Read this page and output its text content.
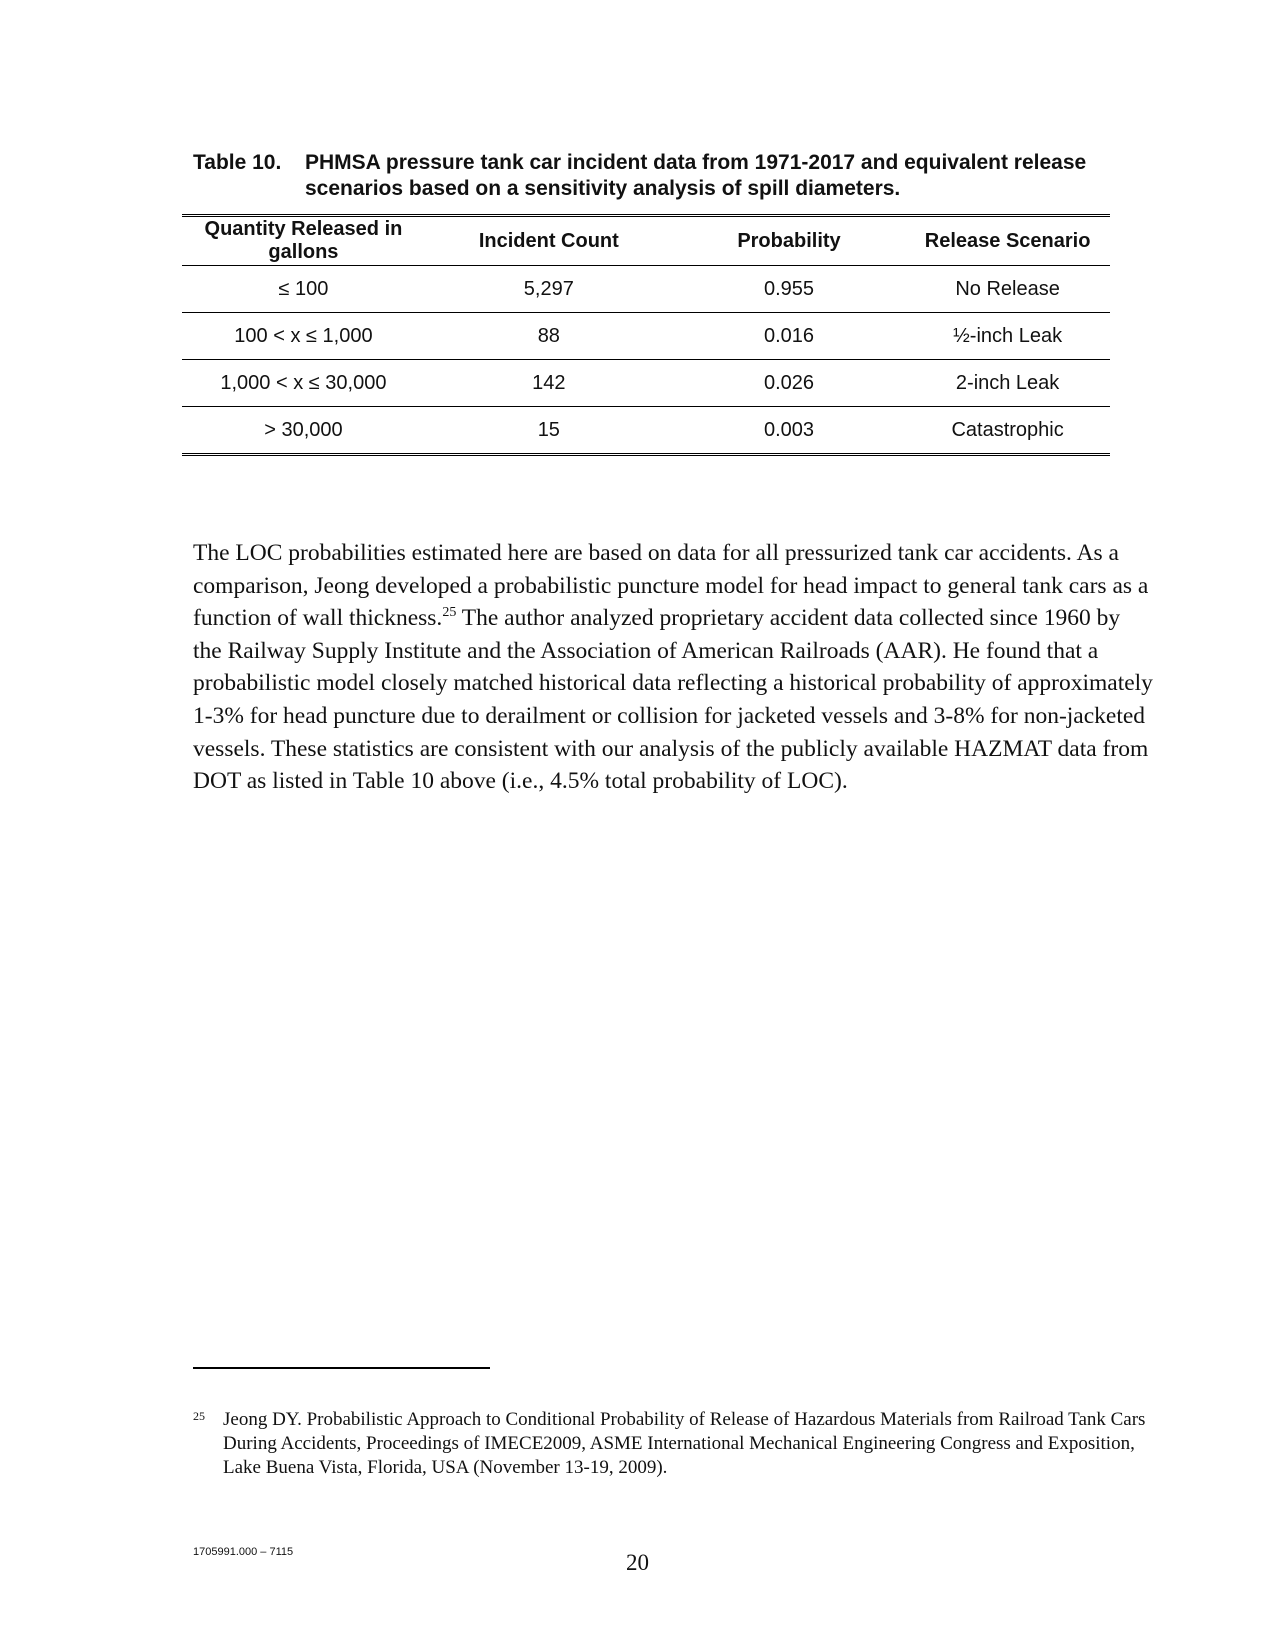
Table 10.	PHMSA pressure tank car incident data from 1971-2017 and equivalent release scenarios based on a sensitivity analysis of spill diameters.
Quantity Released in gallons	Incident Count	Probability	Release Scenario
≤ 100	5,297	0.955	No Release
100 < x ≤ 1,000	88	0.016	½-inch Leak
1,000 < x ≤ 30,000	142	0.026	2-inch Leak
> 30,000	15	0.003	Catastrophic

The LOC probabilities estimated here are based on data for all pressurized tank car accidents. As a comparison, Jeong developed a probabilistic puncture model for head impact to general tank cars as a function of wall thickness.$^{25}$ The author analyzed proprietary accident data collected since 1960 by the Railway Supply Institute and the Association of American Railroads (AAR). He found that a probabilistic model closely matched historical data reflecting a historical probability of approximately 1-3% for head puncture due to derailment or collision for jacketed vessels and 3-8% for non-jacketed vessels. These statistics are consistent with our analysis of the publicly available HAZMAT data from DOT as listed in Table 10 above (i.e., 4.5% total probability of LOC).

25 Jeong DY. Probabilistic Approach to Conditional Probability of Release of Hazardous Materials from Railroad Tank Cars During Accidents, Proceedings of IMECE2009, ASME International Mechanical Engineering Congress and Exposition, Lake Buena Vista, Florida, USA (November 13-19, 2009).
1705991.000 – 7115	20
